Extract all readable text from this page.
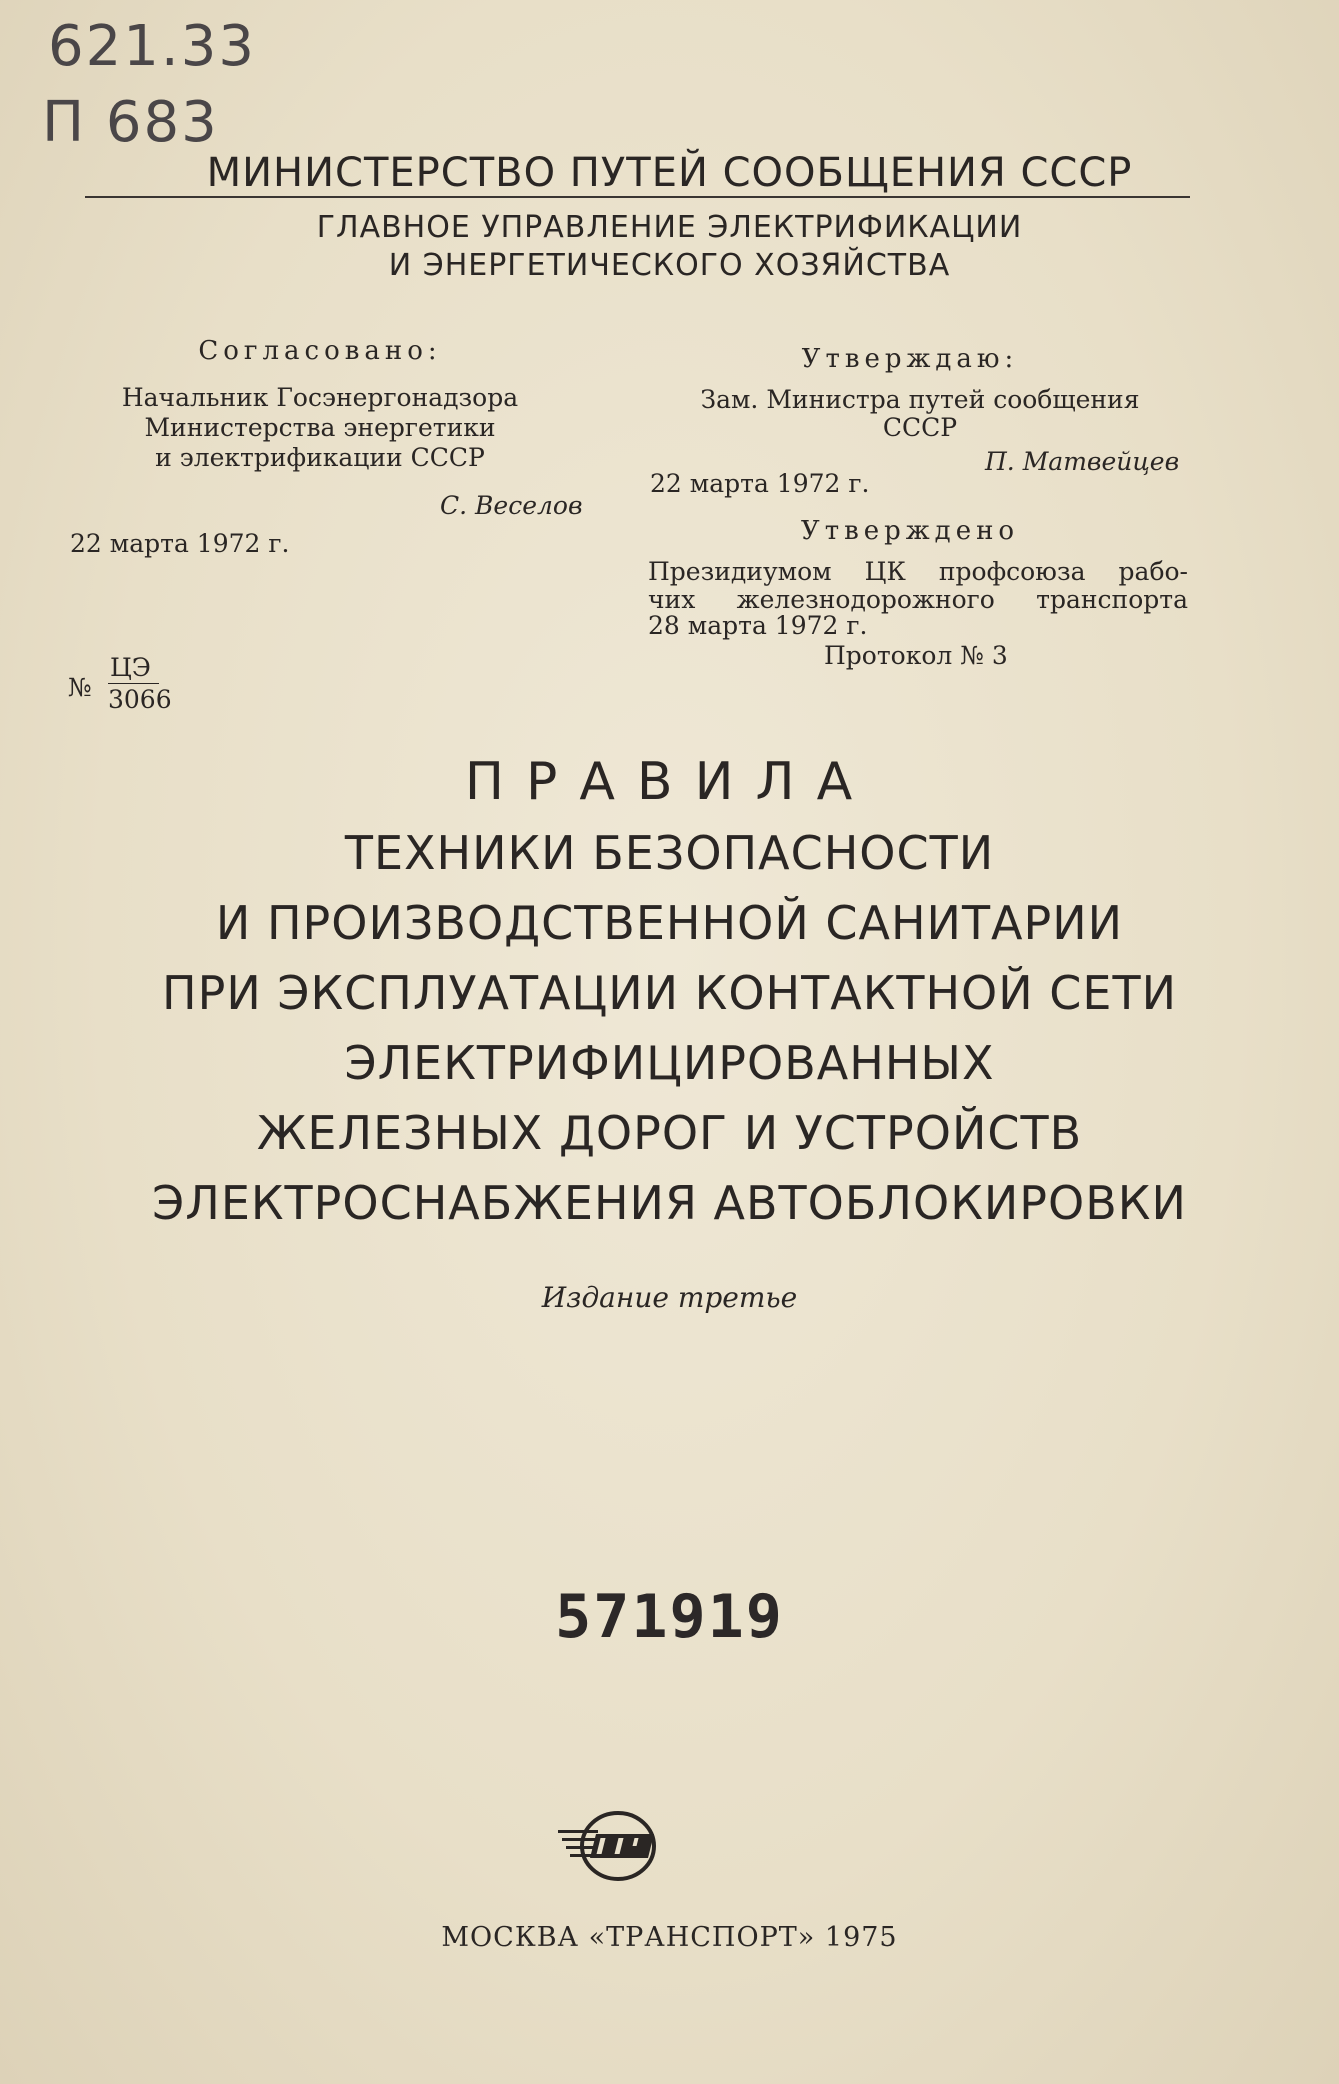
621.33
П 683
МИНИСТЕРСТВО ПУТЕЙ СООБЩЕНИЯ СССР
ГЛАВНОЕ УПРАВЛЕНИЕ ЭЛЕКТРИФИКАЦИИ
И ЭНЕРГЕТИЧЕСКОГО ХОЗЯЙСТВА
Согласовано:
Начальник Госэнергонадзора
Министерства энергетики
и электрификации СССР
С. Веселов
22 марта 1972 г.
Утверждаю:
Зам. Министра путей сообщения
СССР
П. Матвейцев
22 марта 1972 г.
Утверждено
Президиумом ЦК профсоюза рабо-
чих железнодорожного транспорта
28 марта 1972 г.
Протокол № 3
№
ЦЭ
3066
ПРАВИЛА
ТЕХНИКИ БЕЗОПАСНОСТИ
И ПРОИЗВОДСТВЕННОЙ САНИТАРИИ
ПРИ ЭКСПЛУАТАЦИИ КОНТАКТНОЙ СЕТИ
ЭЛЕКТРИФИЦИРОВАННЫХ
ЖЕЛЕЗНЫХ ДОРОГ И УСТРОЙСТВ
ЭЛЕКТРОСНАБЖЕНИЯ АВТОБЛОКИРОВКИ
Издание третье
571919
МОСКВА «ТРАНСПОРТ» 1975
